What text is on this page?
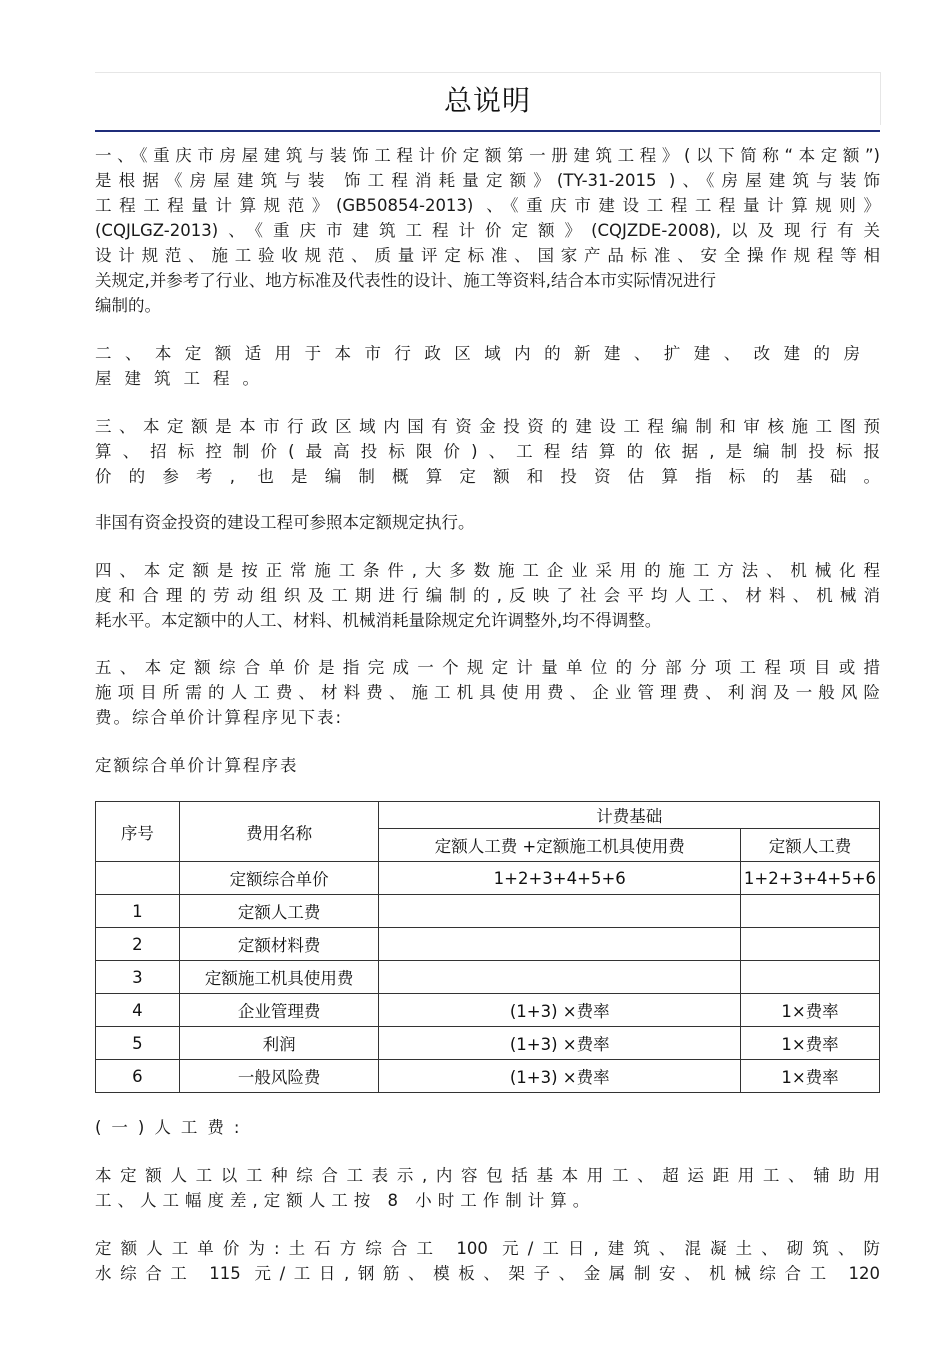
总说明
一、《重庆市房屋建筑与装饰工程计价定额第一册建筑工程》(以下简称“本定额”)
是根据《房屋建筑与装 饰工程消耗量定额》(TY-31-2015 )、《房屋建筑与装饰
工程工程量计算规范》(GB50854-2013) 、《重庆市建设工程工程量计算规则》
(CQJLGZ-2013)、《重庆市建筑工程计价定额》(CQJZDE-2008),以及现行有关
设计规范、施工验收规范、质量评定标准、国家产品标准、安全操作规程等相
关规定,并参考了行业、地方标准及代表性的设计、施工等资料,结合本市实际情况进行
编制的。
二、本定额适用于本市行政区域内的新建、扩建、改建的房
屋建筑工程。
三、本定额是本市行政区域内国有资金投资的建设工程编制和审核施工图预
算、招标控制价(最高投标限价)、工程结算的依据,是编制投标报
价的参考, 也是编制概算定额和投资估算指标的基础。
非国有资金投资的建设工程可参照本定额规定执行。
四、本定额是按正常施工条件,大多数施工企业采用的施工方法、机械化程
度和合理的劳动组织及工期进行编制的,反映了社会平均人工、材料、机械消
耗水平。本定额中的人工、材料、机械消耗量除规定允许调整外,均不得调整。
五、本定额综合单价是指完成一个规定计量单位的分部分项工程项目或措
施项目所需的人工费、材料费、施工机具使用费、企业管理费、利润及一般风险
费。综合单价计算程序见下表:
定额综合单价计算程序表
序号	费用名称	计费基础	
		定额人工费 +定额施工机具使用费	定额人工费
	定额综合单价	1+2+3+4+5+6	1+2+3+4+5+6
1	定额人工费		
2	定额材料费		
3	定额施工机具使用费		
4	企业管理费	(1+3) ×费率	1×费率
5	利润	(1+3) ×费率	1×费率
6	一般风险费	(1+3) ×费率	1×费率
(一)人工费:
本定额人工以工种综合工表示,内容包括基本用工、超运距用工、辅助用
工、人工幅度差,定额人工按 8 小时工作制计算。
定额人工单价为:土石方综合工 100 元/工日,建筑、混凝土、砌筑、防
水综合工 115 元/工日,钢筋、模板、架子、金属制安、机械综合工 120
